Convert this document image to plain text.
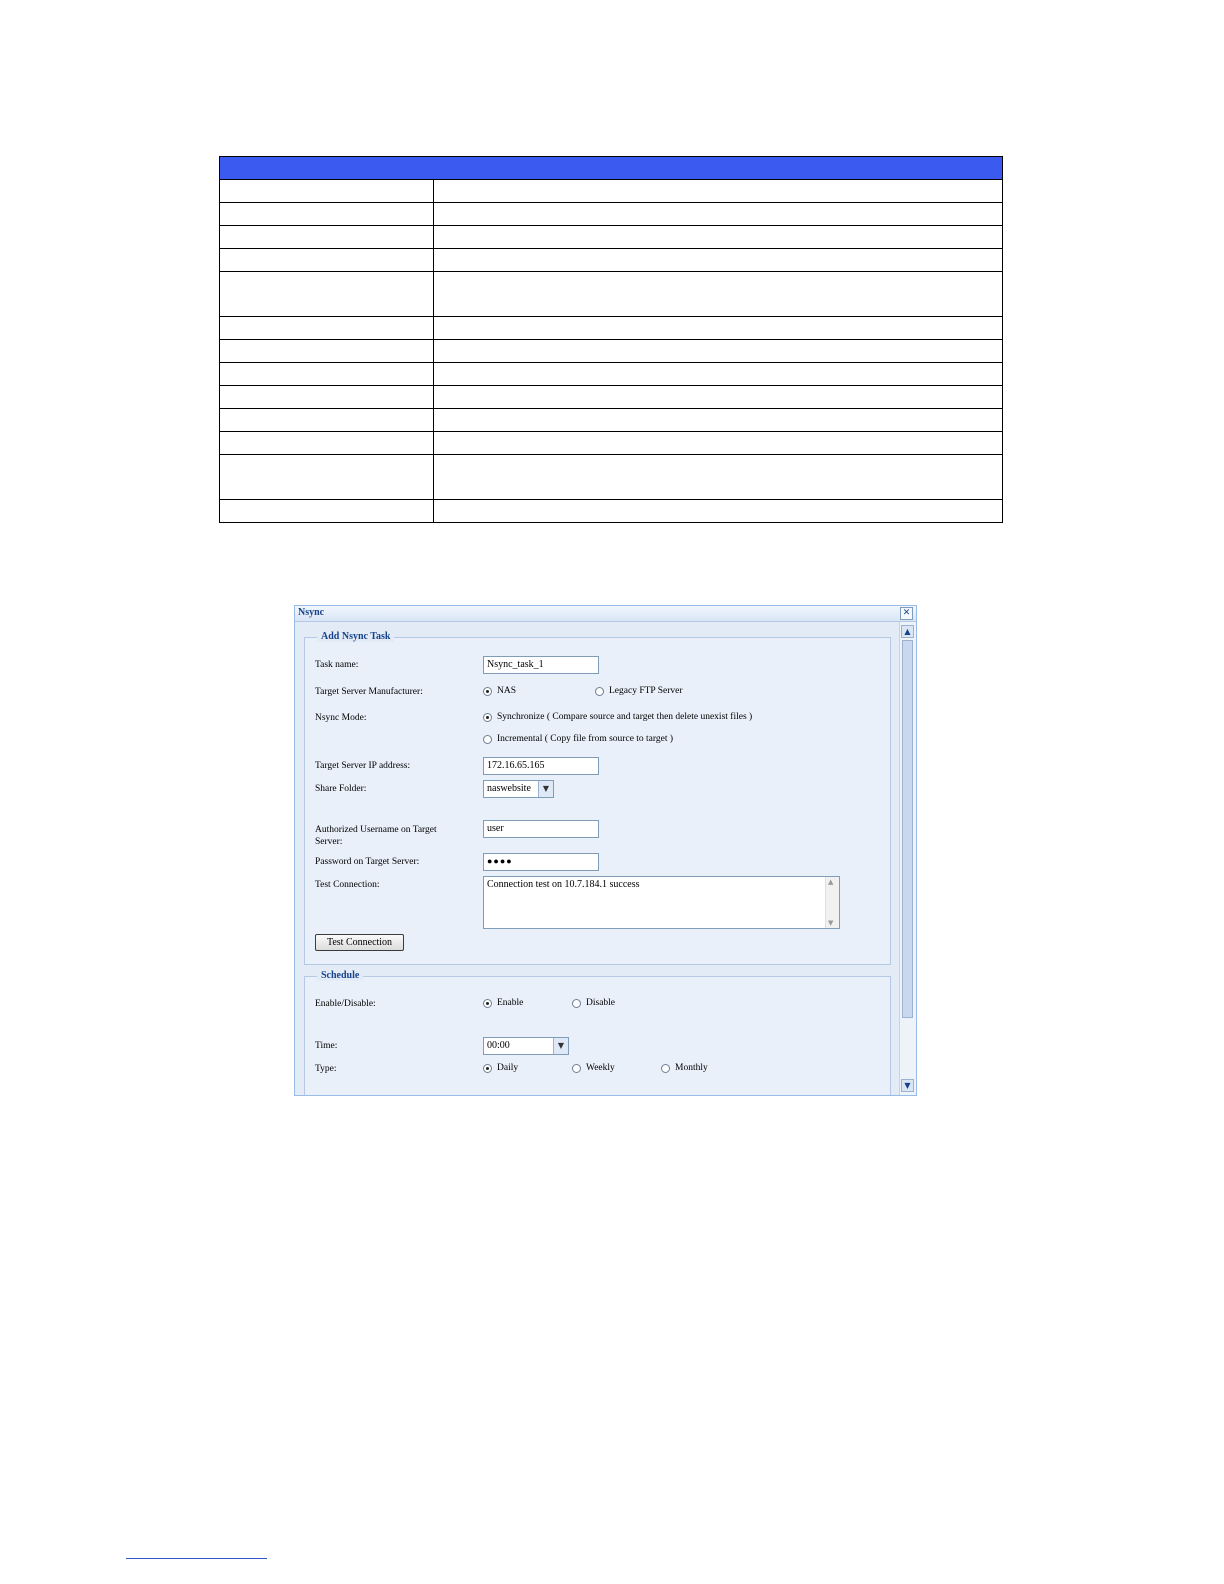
Nsync	✕
Add Nsync Task
Task name:	Nsync_task_1
Target Server Manufacturer:	NAS	Legacy FTP Server
Nsync Mode:	Synchronize ( Compare source and target then delete unexist files )
Incremental ( Copy file from source to target )
Target Server IP address:	172.16.65.165
Share Folder:	naswebsite	▼
Authorized Username on Target Server:
user
Password on Target Server:	●●●●
Test Connection:	Connection test on 10.7.184.1 success	▲
▼
Test Connection
Schedule
Enable/Disable:	Enable	Disable
Time:	00:00	▼
Type:	Daily	Weekly	Monthly
▲
▼
